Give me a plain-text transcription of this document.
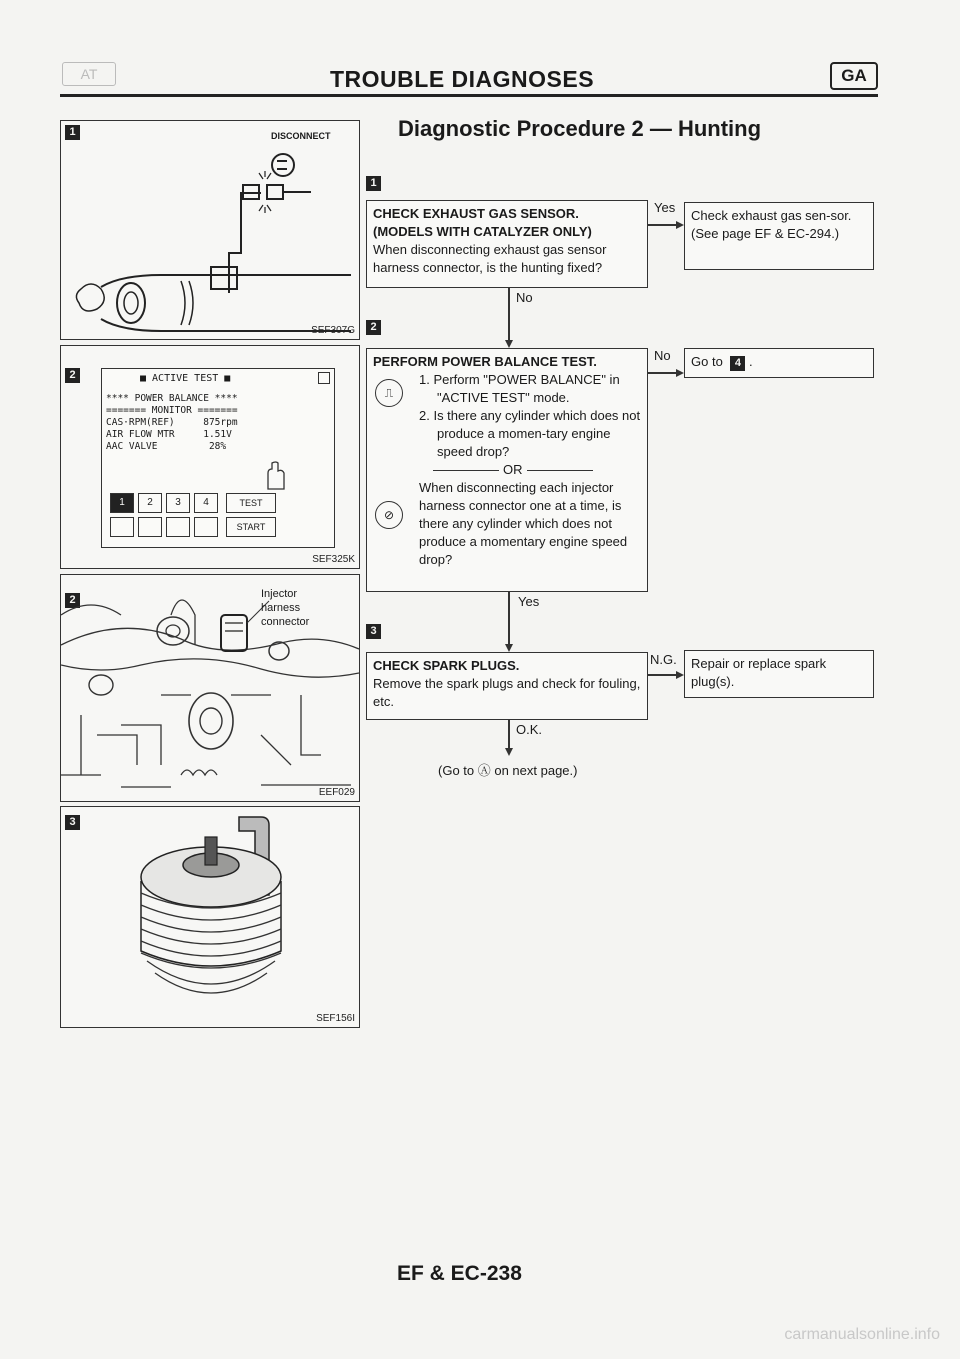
AT	TROUBLE DIAGNOSES	GA
Diagnostic Procedure 2 — Hunting
1	DISCONNECT
SEF307G
2	■ ACTIVE TEST ■
**** POWER BALANCE ****
======= MONITOR =======
CAS·RPM(REF)     875rpm
AIR FLOW MTR     1.51V
AAC VALVE         28%
1	2	3	4	TEST
START
SEF325K
2	Injector
harness
connector
EEF029
3
SEF156I
1
CHECK EXHAUST GAS SENSOR.
(MODELS WITH CATALYZER ONLY)
When disconnecting exhaust gas sensor harness connector, is the hunting fixed?
Yes
Check exhaust gas sen-sor. (See page EF & EC-294.)
No
2
PERFORM POWER BALANCE TEST.
⎍
1. Perform "POWER BALANCE" in "ACTIVE TEST" mode.
2. Is there any cylinder which does not produce a momen-tary engine speed drop?
OR
⊘
When disconnecting each injector harness connector one at a time, is there any cylinder which does not produce a momentary engine speed drop?
No	Go to 4 .
Yes
3
CHECK SPARK PLUGS.
Remove the spark plugs and check for fouling, etc.
N.G.	Repair or replace spark plug(s).
O.K.
(Go to Ⓐ on next page.)
EF & EC-238
carmanualsonline.info
